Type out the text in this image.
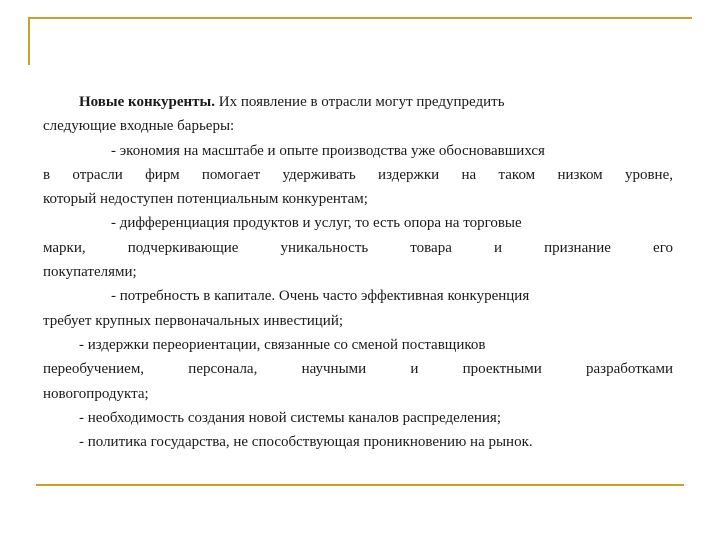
Новые конкуренты. Их появление в отрасли могут предупредить
следующие входные барьеры:
- экономия на масштабе и опыте производства уже обосновавшихся
в отрасли фирм помогает удерживать издержки на таком низком уровне,
который недоступен потенциальным конкурентам;
- дифференциация продуктов и услуг, то есть опора на торговые
марки, подчеркивающие уникальность товара и признание его
покупателями;
- потребность в капитале. Очень часто эффективная конкуренция
требует крупных первоначальных инвестиций;
- издержки переориентации, связанные со сменой поставщиков
переобучением, персонала, научными и проектными разработками
новогопродукта;
- необходимость создания новой системы каналов распределения;
- политика государства, не способствующая проникновению на рынок.
